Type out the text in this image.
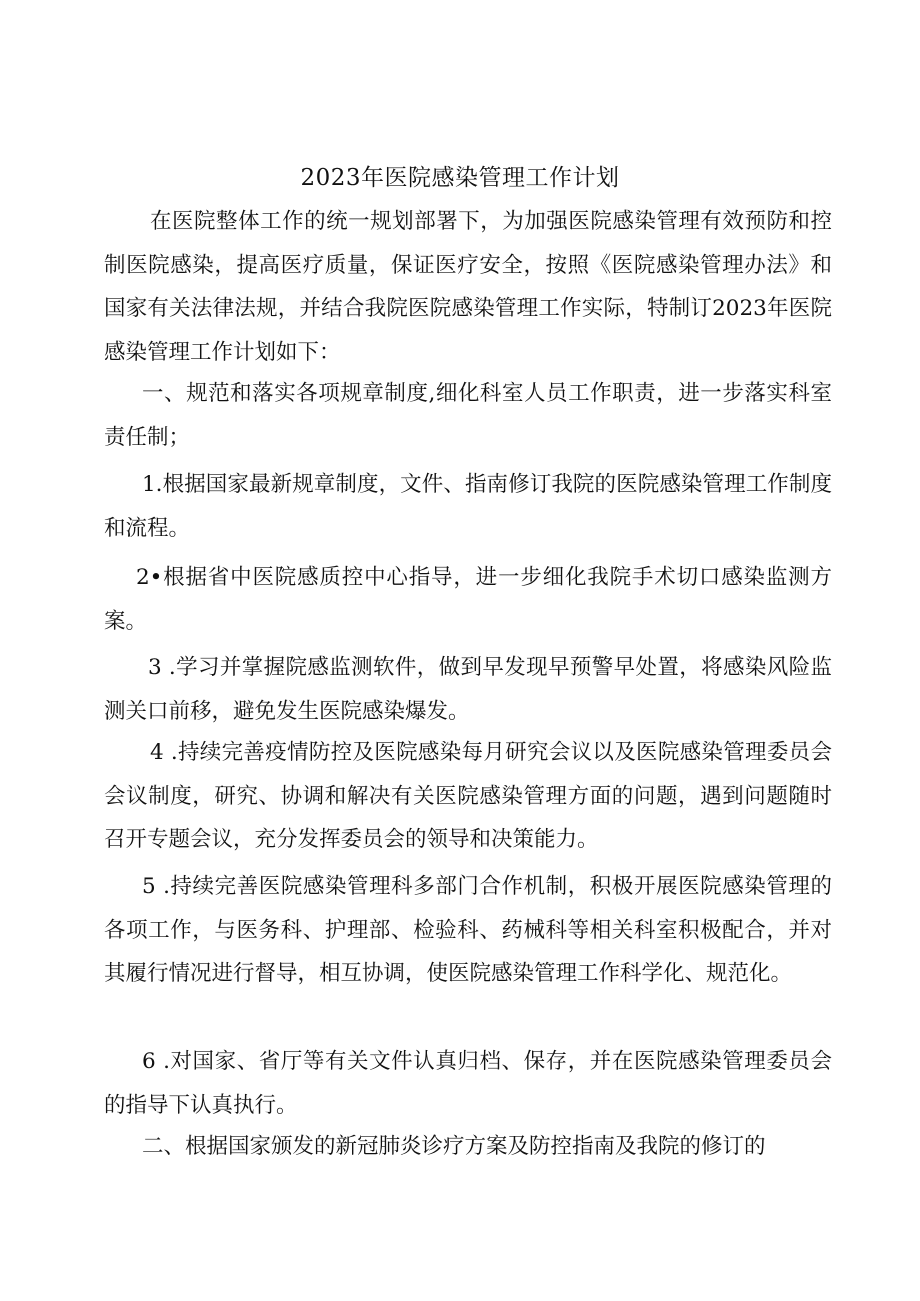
2023年医院感染管理工作计划

在医院整体工作的统一规划部署下，为加强医院感染管理有效预防和控制医院感染，提高医疗质量，保证医疗安全，按照《医院感染管理办法》和国家有关法律法规，并结合我院医院感染管理工作实际，特制订2023年医院感染管理工作计划如下：

一、规范和落实各项规章制度,细化科室人员工作职责，进一步落实科室责任制；

1.根据国家最新规章制度，文件、指南修订我院的医院感染管理工作制度和流程。

2•根据省中医院感质控中心指导，进一步细化我院手术切口感染监测方案。

3 .学习并掌握院感监测软件，做到早发现早预警早处置，将感染风险监测关口前移，避免发生医院感染爆发。

4 .持续完善疫情防控及医院感染每月研究会议以及医院感染管理委员会会议制度，研究、协调和解决有关医院感染管理方面的问题，遇到问题随时召开专题会议，充分发挥委员会的领导和决策能力。

5 .持续完善医院感染管理科多部门合作机制，积极开展医院感染管理的各项工作，与医务科、护理部、检验科、药械科等相关科室积极配合，并对其履行情况进行督导，相互协调，使医院感染管理工作科学化、规范化。

6 .对国家、省厅等有关文件认真归档、保存，并在医院感染管理委员会的指导下认真执行。

二、根据国家颁发的新冠肺炎诊疗方案及防控指南及我院的修订的
